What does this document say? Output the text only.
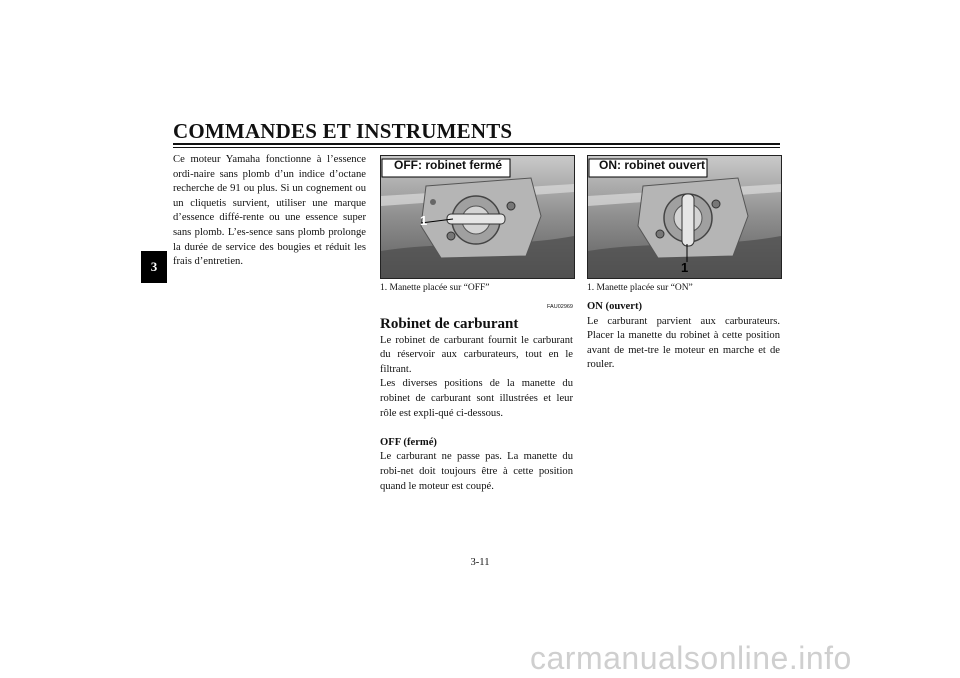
COMMANDES ET INSTRUMENTS
3

Ce moteur Yamaha fonctionne à l’essence ordi-naire sans plomb d’un indice d’octane recherche de 91 ou plus. Si un cognement ou un cliquetis survient, utiliser une marque d’essence diffé-rente ou une essence super sans plomb. L’es-sence sans plomb prolonge la durée de service des bougies et réduit les frais d’entretien.

OFF: robinet fermé
1
1. Manette placée sur “OFF”
ON: robinet ouvert
1
1. Manette placée sur “ON”
FAU02969
Robinet de carburant

Le robinet de carburant fournit le carburant du réservoir aux carburateurs, tout en le filtrant.

Les diverses positions de la manette du robinet de carburant sont illustrées et leur rôle est expli-qué ci-dessous.

OFF (fermé)

Le carburant ne passe pas. La manette du robi-net doit toujours être à cette position quand le moteur est coupé.

ON (ouvert)

Le carburant parvient aux carburateurs. Placer la manette du robinet à cette position avant de met-tre le moteur en marche et de rouler.

3-11
carmanualsonline.info
